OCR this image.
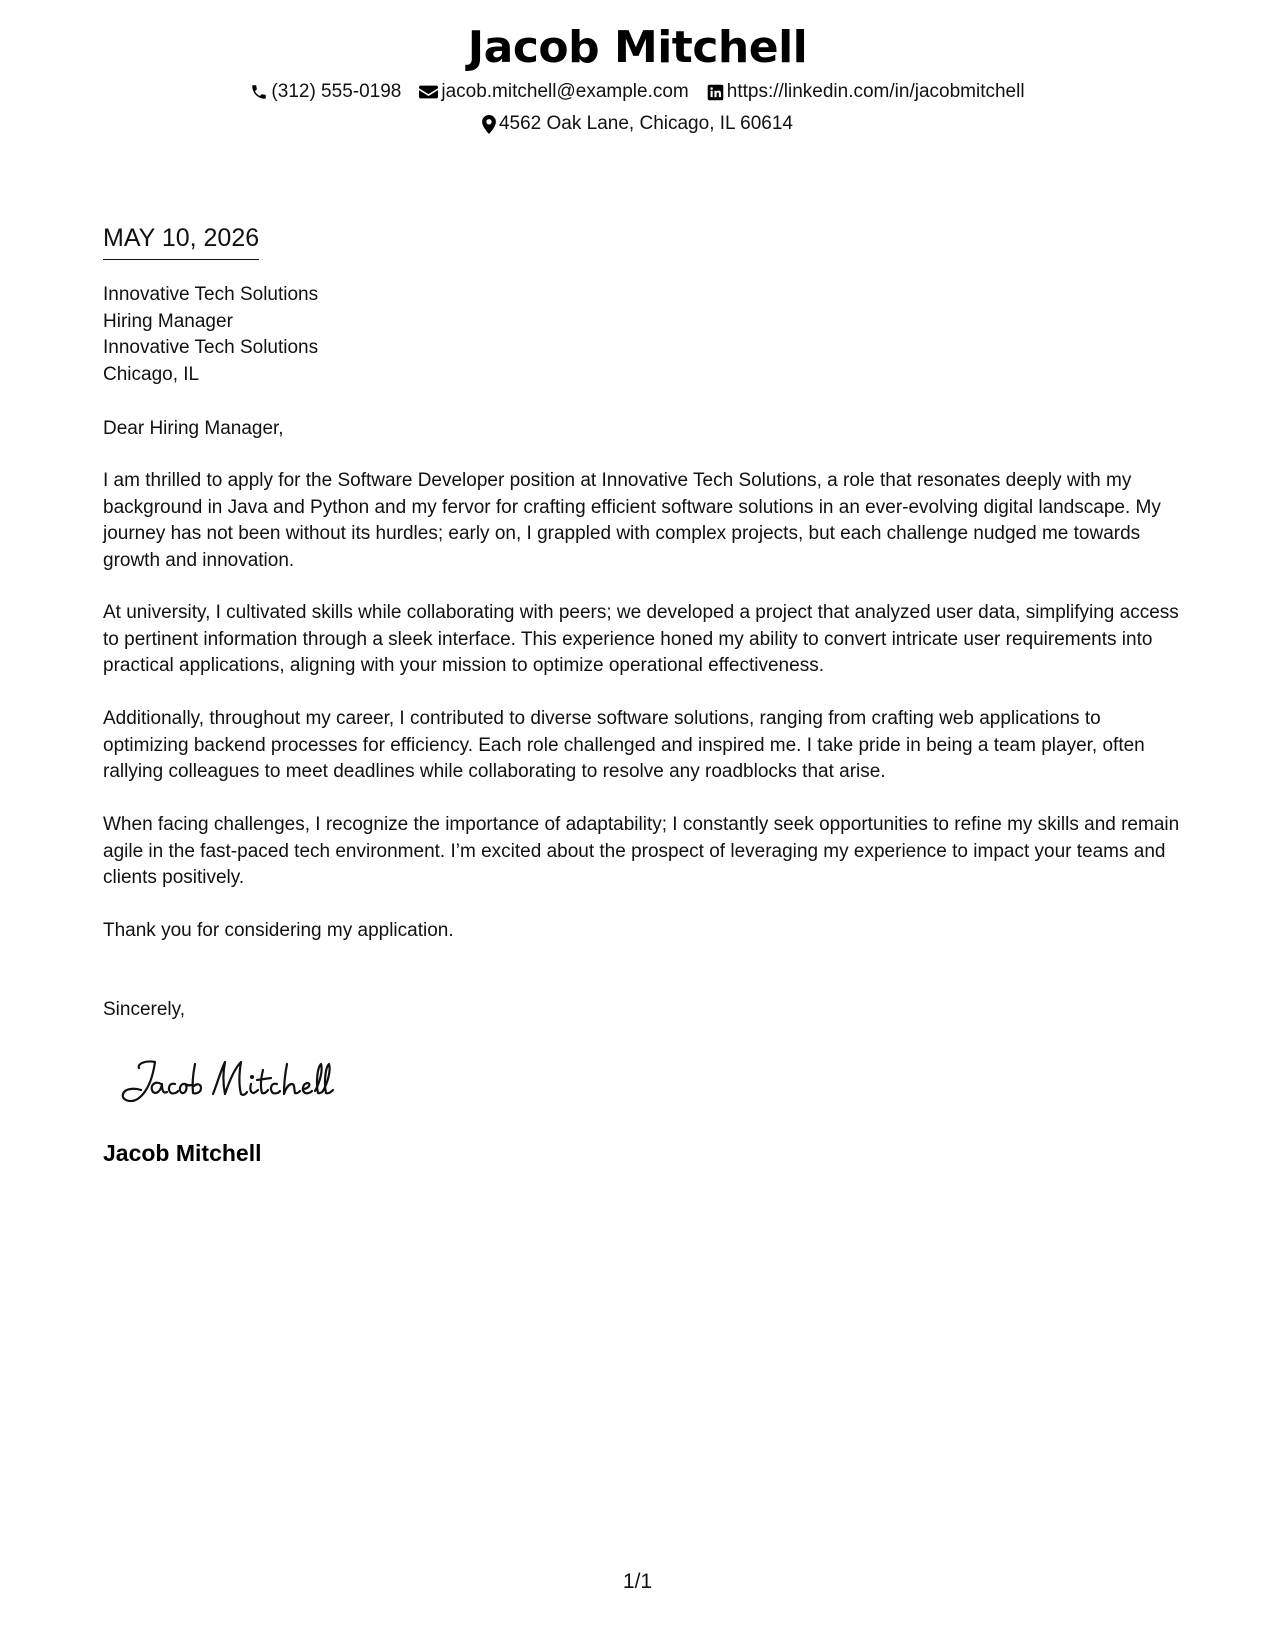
Jacob Mitchell
(312) 555-0198 jacob.mitchell@example.com https://linkedin.com/in/jacobmitchell
4562 Oak Lane, Chicago, IL 60614
MAY 10, 2026
Innovative Tech Solutions
Hiring Manager
Innovative Tech Solutions
Chicago, IL
Dear Hiring Manager,

I am thrilled to apply for the Software Developer position at Innovative Tech Solutions, a role that resonates deeply with my background in Java and Python and my fervor for crafting efficient software solutions in an ever-evolving digital landscape. My journey has not been without its hurdles; early on, I grappled with complex projects, but each challenge nudged me towards growth and innovation.

At university, I cultivated skills while collaborating with peers; we developed a project that analyzed user data, simplifying access to pertinent information through a sleek interface. This experience honed my ability to convert intricate user requirements into practical applications, aligning with your mission to optimize operational effectiveness.

Additionally, throughout my career, I contributed to diverse software solutions, ranging from crafting web applications to optimizing backend processes for efficiency. Each role challenged and inspired me. I take pride in being a team player, often rallying colleagues to meet deadlines while collaborating to resolve any roadblocks that arise.

When facing challenges, I recognize the importance of adaptability; I constantly seek opportunities to refine my skills and remain agile in the fast-paced tech environment. I’m excited about the prospect of leveraging my experience to impact your teams and clients positively.

Thank you for considering my application.
Sincerely,
Jacob Mitchell
1/1
